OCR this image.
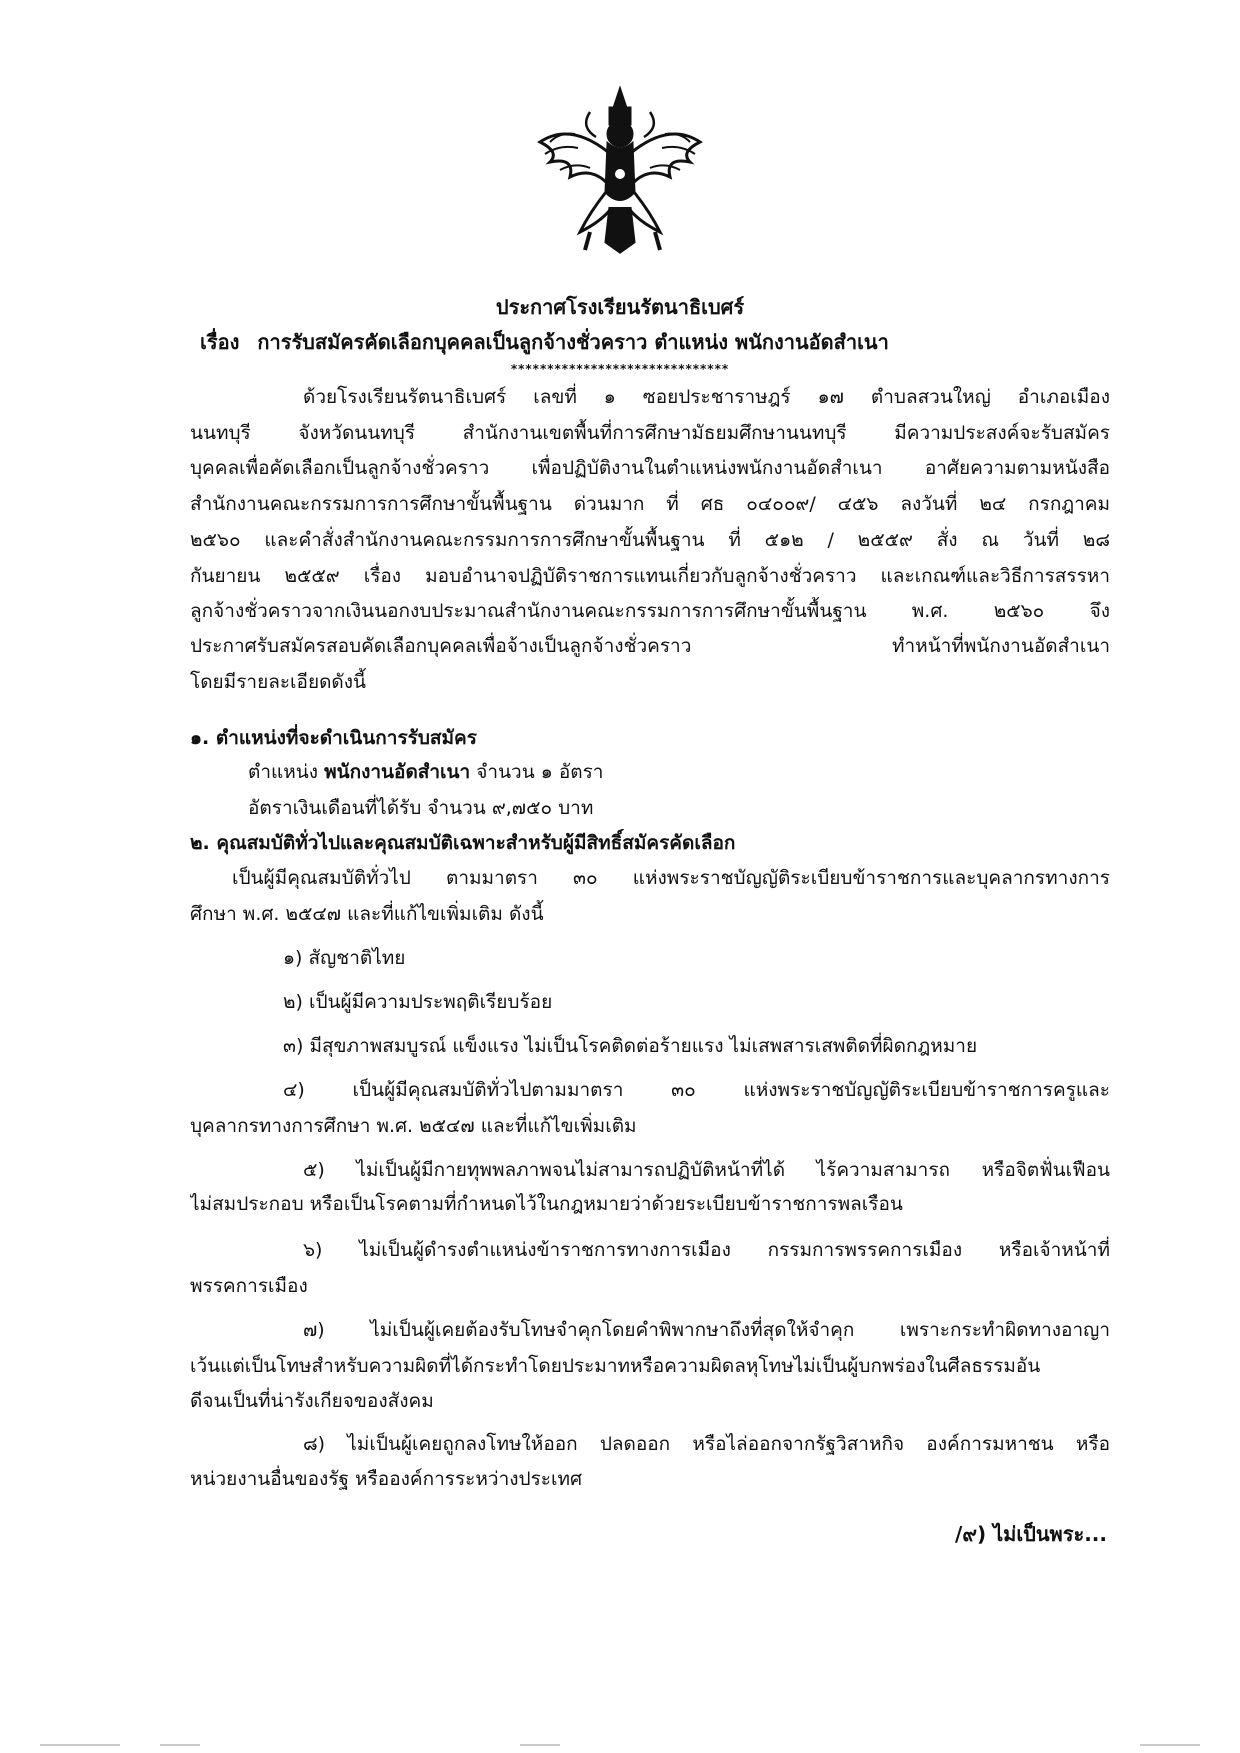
ประกาศโรงเรียนรัตนาธิเบศร์
เรื่อง การรับสมัครคัดเลือกบุคคลเป็นลูกจ้างชั่วคราว ตำแหน่ง พนักงานอัดสำเนา
******************************
ด้วยโรงเรียนรัตนาธิเบศร์ เลขที่ ๑ ซอยประชาราษฎร์ ๑๗ ตำบลสวนใหญ่ อำเภอเมือง
นนทบุรี จังหวัดนนทบุรี สำนักงานเขตพื้นที่การศึกษามัธยมศึกษานนทบุรี มีความประสงค์จะรับสมัคร
บุคคลเพื่อคัดเลือกเป็นลูกจ้างชั่วคราว เพื่อปฏิบัติงานในตำแหน่งพนักงานอัดสำเนา อาศัยความตามหนังสือ
สำนักงานคณะกรรมการการศึกษาขั้นพื้นฐาน ด่วนมาก ที่ ศธ ๐๔๐๐๙/ ๔๕๖ ลงวันที่ ๒๔ กรกฎาคม
๒๕๖๐ และคำสั่งสำนักงานคณะกรรมการการศึกษาขั้นพื้นฐาน ที่ ๕๑๒ / ๒๕๕๙ สั่ง ณ วันที่ ๒๘
กันยายน ๒๕๕๙ เรื่อง มอบอำนาจปฏิบัติราชการแทนเกี่ยวกับลูกจ้างชั่วคราว และเกณฑ์และวิธีการสรรหา
ลูกจ้างชั่วคราวจากเงินนอกงบประมาณสำนักงานคณะกรรมการการศึกษาขั้นพื้นฐาน พ.ศ. ๒๕๖๐ จึง
ประกาศรับสมัครสอบคัดเลือกบุคคลเพื่อจ้างเป็นลูกจ้างชั่วคราว ทำหน้าที่พนักงานอัดสำเนา
โดยมีรายละเอียดดังนี้
๑. ตำแหน่งที่จะดำเนินการรับสมัคร
ตำแหน่ง พนักงานอัดสำเนา จำนวน ๑ อัตรา
อัตราเงินเดือนที่ได้รับ จำนวน ๙,๗๕๐ บาท
๒. คุณสมบัติทั่วไปและคุณสมบัติเฉพาะสำหรับผู้มีสิทธิ์สมัครคัดเลือก
เป็นผู้มีคุณสมบัติทั่วไป ตามมาตรา ๓๐ แห่งพระราชบัญญัติระเบียบข้าราชการและบุคลากรทางการ
ศึกษา พ.ศ. ๒๕๔๗ และที่แก้ไขเพิ่มเติม ดังนี้
๑) สัญชาติไทย
๒) เป็นผู้มีความประพฤติเรียบร้อย
๓) มีสุขภาพสมบูรณ์ แข็งแรง ไม่เป็นโรคติดต่อร้ายแรง ไม่เสพสารเสพติดที่ผิดกฎหมาย
๔) เป็นผู้มีคุณสมบัติทั่วไปตามมาตรา ๓๐ แห่งพระราชบัญญัติระเบียบข้าราชการครูและ
บุคลากรทางการศึกษา พ.ศ. ๒๕๔๗ และที่แก้ไขเพิ่มเติม
๕) ไม่เป็นผู้มีกายทุพพลภาพจนไม่สามารถปฏิบัติหน้าที่ได้ ไร้ความสามารถ หรือจิตฟั่นเฟือน
ไม่สมประกอบ หรือเป็นโรคตามที่กำหนดไว้ในกฎหมายว่าด้วยระเบียบข้าราชการพลเรือน
๖) ไม่เป็นผู้ดำรงตำแหน่งข้าราชการทางการเมือง กรรมการพรรคการเมือง หรือเจ้าหน้าที่
พรรคการเมือง
๗) ไม่เป็นผู้เคยต้องรับโทษจำคุกโดยคำพิพากษาถึงที่สุดให้จำคุก เพราะกระทำผิดทางอาญา
เว้นแต่เป็นโทษสำหรับความผิดที่ได้กระทำโดยประมาทหรือความผิดลหุโทษไม่เป็นผู้บกพร่องในศีลธรรมอัน
ดีจนเป็นที่น่ารังเกียจของสังคม
๘) ไม่เป็นผู้เคยถูกลงโทษให้ออก ปลดออก หรือไล่ออกจากรัฐวิสาหกิจ องค์การมหาชน หรือ
หน่วยงานอื่นของรัฐ หรือองค์การระหว่างประเทศ
/๙) ไม่เป็นพระ...
